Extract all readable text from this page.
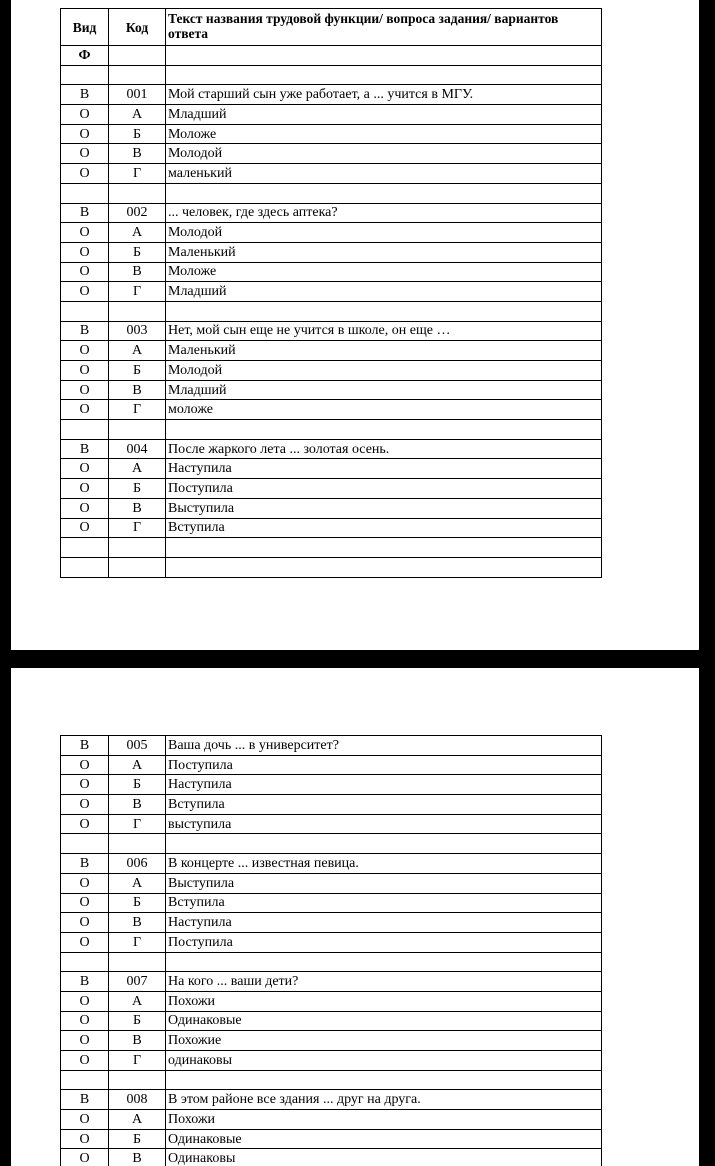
Вид	Код	Текст названия трудовой функции/ вопроса задания/ вариантов ответа
Ф		

В	001	Мой старший сын уже работает, а ... учится в МГУ.
О	А	Младший
О	Б	Моложе
О	В	Молодой
О	Г	маленький

В	002	... человек, где здесь аптека?
О	А	Молодой
О	Б	Маленький
О	В	Моложе
О	Г	Младший

В	003	Нет, мой сын еще не учится в школе, он еще …
О	А	Маленький
О	Б	Молодой
О	В	Младший
О	Г	моложе

В	004	После жаркого лета ... золотая осень.
О	А	Наступила
О	Б	Поступила
О	В	Выступила
О	Г	Вступила

В	005	Ваша дочь ... в университет?
О	А	Поступила
О	Б	Наступила
О	В	Вступила
О	Г	выступила

В	006	В концерте ... известная певица.
О	А	Выступила
О	Б	Вступила
О	В	Наступила
О	Г	Поступила

В	007	На кого ... ваши дети?
О	А	Похожи
О	Б	Одинаковые
О	В	Похожие
О	Г	одинаковы

В	008	В этом районе все здания ... друг на друга.
О	А	Похожи
О	Б	Одинаковые
О	В	Одинаковы
